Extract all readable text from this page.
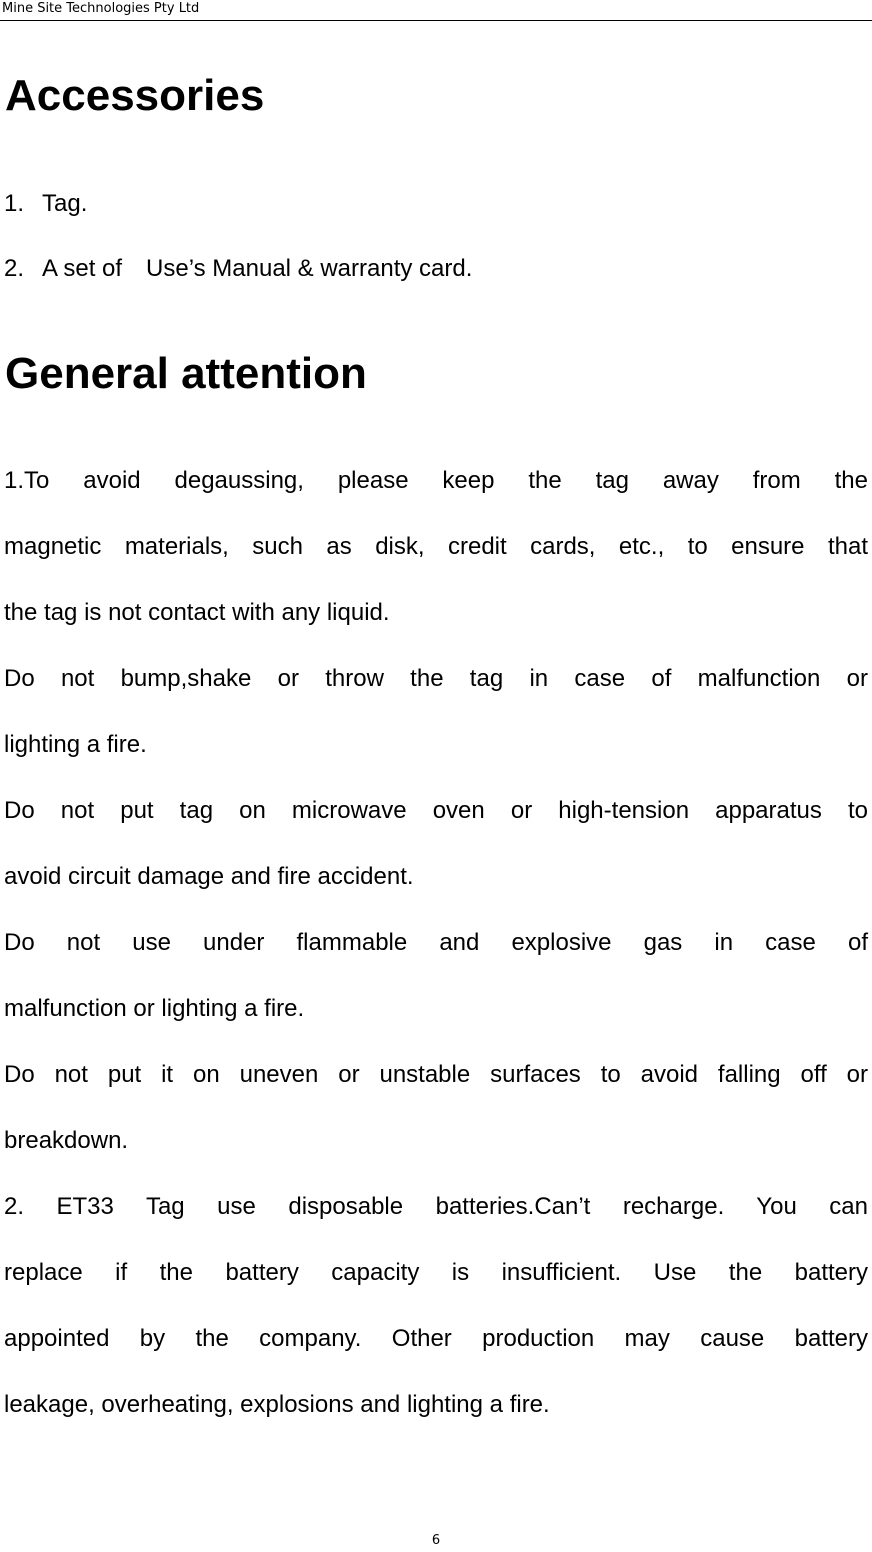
Mine Site Technologies Pty Ltd
Accessories
1. Tag.
2. A set of　Use’s Manual & warranty card.
General attention
1.To avoid degaussing, please keep the tag away from the
magnetic materials, such as disk, credit cards, etc., to ensure that
the tag is not contact with any liquid.
Do not bump,shake or throw the tag in case of malfunction or
lighting a fire.
Do not put tag on microwave oven or high-tension apparatus to
avoid circuit damage and fire accident.
Do not use under flammable and explosive gas in case of
malfunction or lighting a fire.
Do not put it on uneven or unstable surfaces to avoid falling off or
breakdown.
2. ET33 Tag use disposable batteries.Can’t recharge. You can
replace if the battery capacity is insufficient. Use the battery
appointed by the company. Other production may cause battery
leakage, overheating, explosions and lighting a fire.
6
